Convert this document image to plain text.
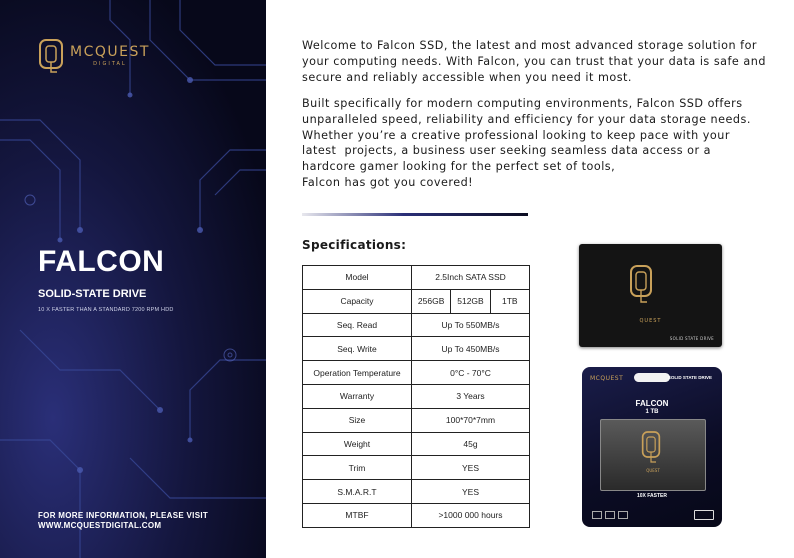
MCQUEST
DIGITAL
FALCON
SOLID-STATE DRIVE
10 X FASTER THAN A STANDARD 7200 RPM HDD
FOR MORE INFORMATION, PLEASE VISIT
WWW.MCQUESTDIGITAL.COM

Welcome to Falcon SSD, the latest and most advanced storage solution for your computing needs. With Falcon, you can trust that your data is safe and secure and reliably accessible when you need it most.

Built specifically for modern computing environments, Falcon SSD offers
unparalleled speed, reliability and efficiency for your data storage needs.
Whether you’re a creative professional looking to keep pace with your
latest  projects, a business user seeking seamless data access or a
hardcore gamer looking for the perfect set of tools,
Falcon has got you covered!

Specifications:
Model	2.5Inch SATA SSD
Capacity	256GB 512GB 1TB

Seq. Read	Up To 550MB/s
Seq. Write	Up To 450MB/s
Operation Temperature	0°C - 70°C
Warranty	3 Years
Size	100*70*7mm
Weight	45g
Trim	YES
S.M.A.R.T	YES
MTBF	>1000 000 hours
QUEST
SOLID STATE DRIVE
MCQUEST	SOLID STATE DRIVE
FALCON
1 TB
QUEST
10X FASTER
